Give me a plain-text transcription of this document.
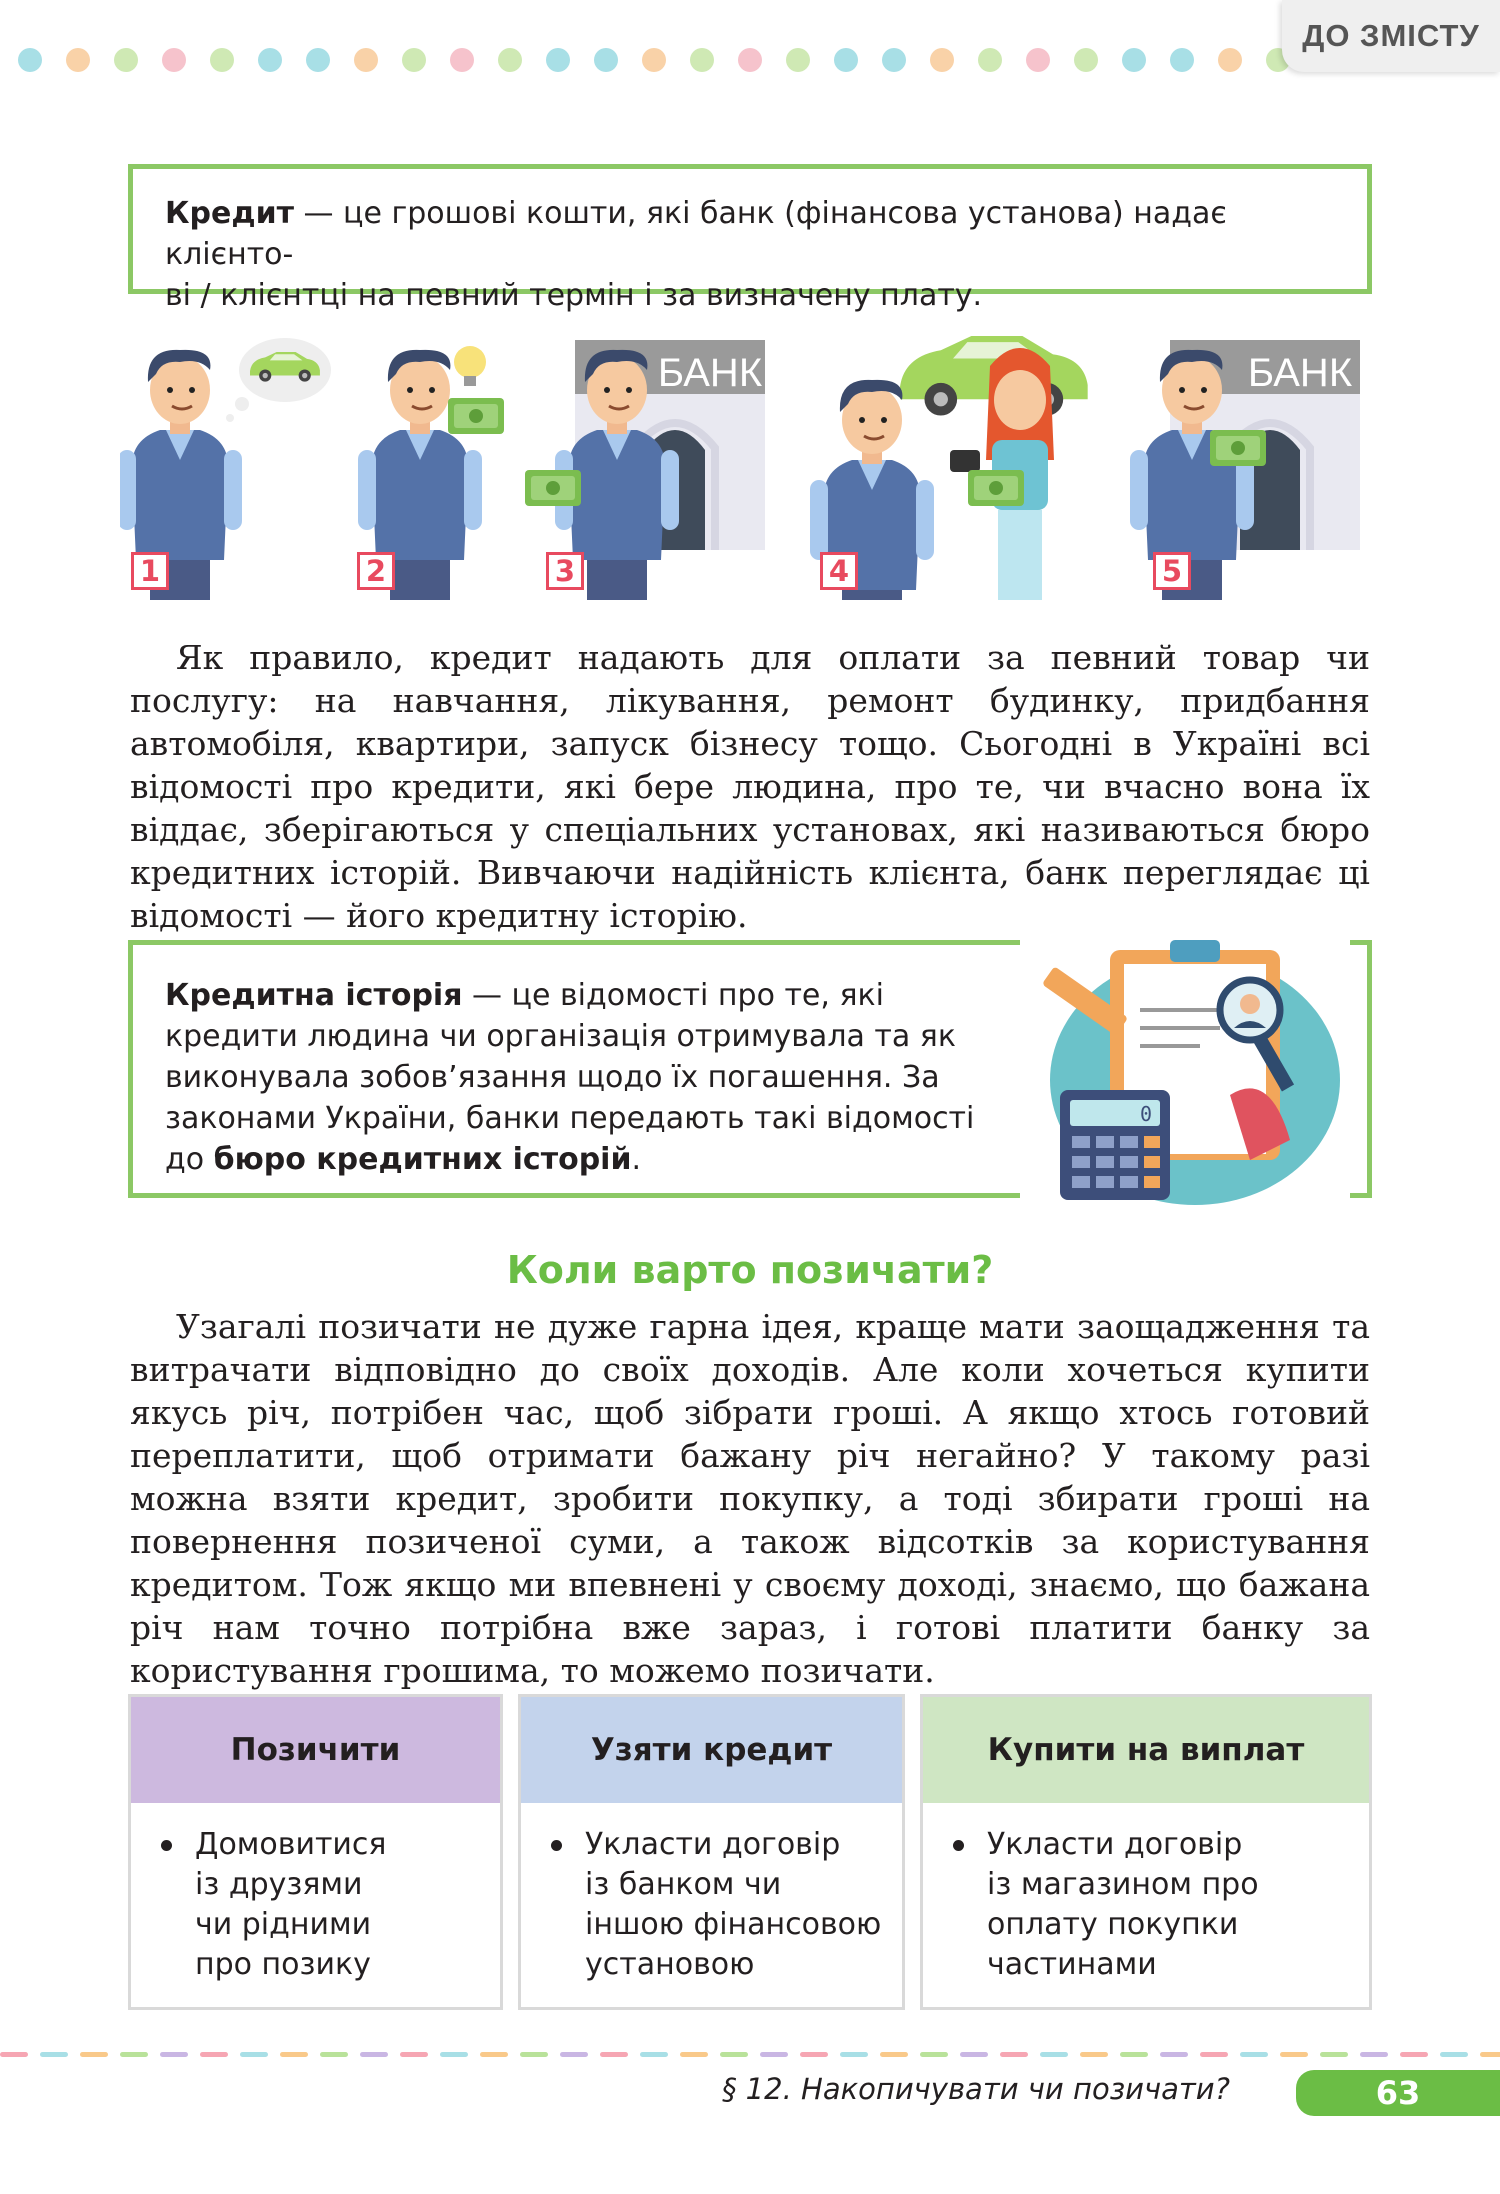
ДО ЗМІСТУ
Кредит — це грошові кошти, які банк (фінансова установа) надає клієнто-
ві / клієнтці на певний термін і за визначену плату.
БАНК	БАНК
1	2	3	4	5
Як правило, кредит надають для оплати за певний товар чи послугу: на навчання, лікування, ремонт будинку, придбання автомобіля, квартири, запуск бізнесу тощо. Сьогодні в Україні всі відомості про кредити, які бере людина, про те, чи вчасно вона їх віддає, зберігаються у спеціальних установах, які називаються бюро кредитних історій. Вивчаючи надійність клієнта, банк переглядає ці відомості — його кредитну історію.
Кредитна історія — це відомості про те, які кредити людина чи організація отримувала та як виконувала зобов’язання щодо їх погашення. За законами України, банки передають такі відомості до бюро кредитних історій.
0
Коли варто позичати?
Узагалі позичати не дуже гарна ідея, краще мати заощадження та витрачати відповідно до своїх доходів. Але коли хочеться купити якусь річ, потрібен час, щоб зібрати гроші. А якщо хтось готовий переплатити, щоб отримати бажану річ негайно? У такому разі можна взяти кредит, зробити покупку, а тоді збирати гроші на повернення позиченої суми, а також відсотків за користування кредитом. Тож якщо ми впевнені у своєму доході, знаємо, що бажана річ нам точно потрібна вже зараз, і готові платити банку за користування грошима, то можемо позичати.
Позичити
Домовитися
із друзями
чи рідними
про позику
Узяти кредит
Укласти договір
із банком чи
іншою фінансовою
установою
Купити на виплат
Укласти договір
із магазином про
оплату покупки
частинами
§ 12. Накопичувати чи позичати?	63
